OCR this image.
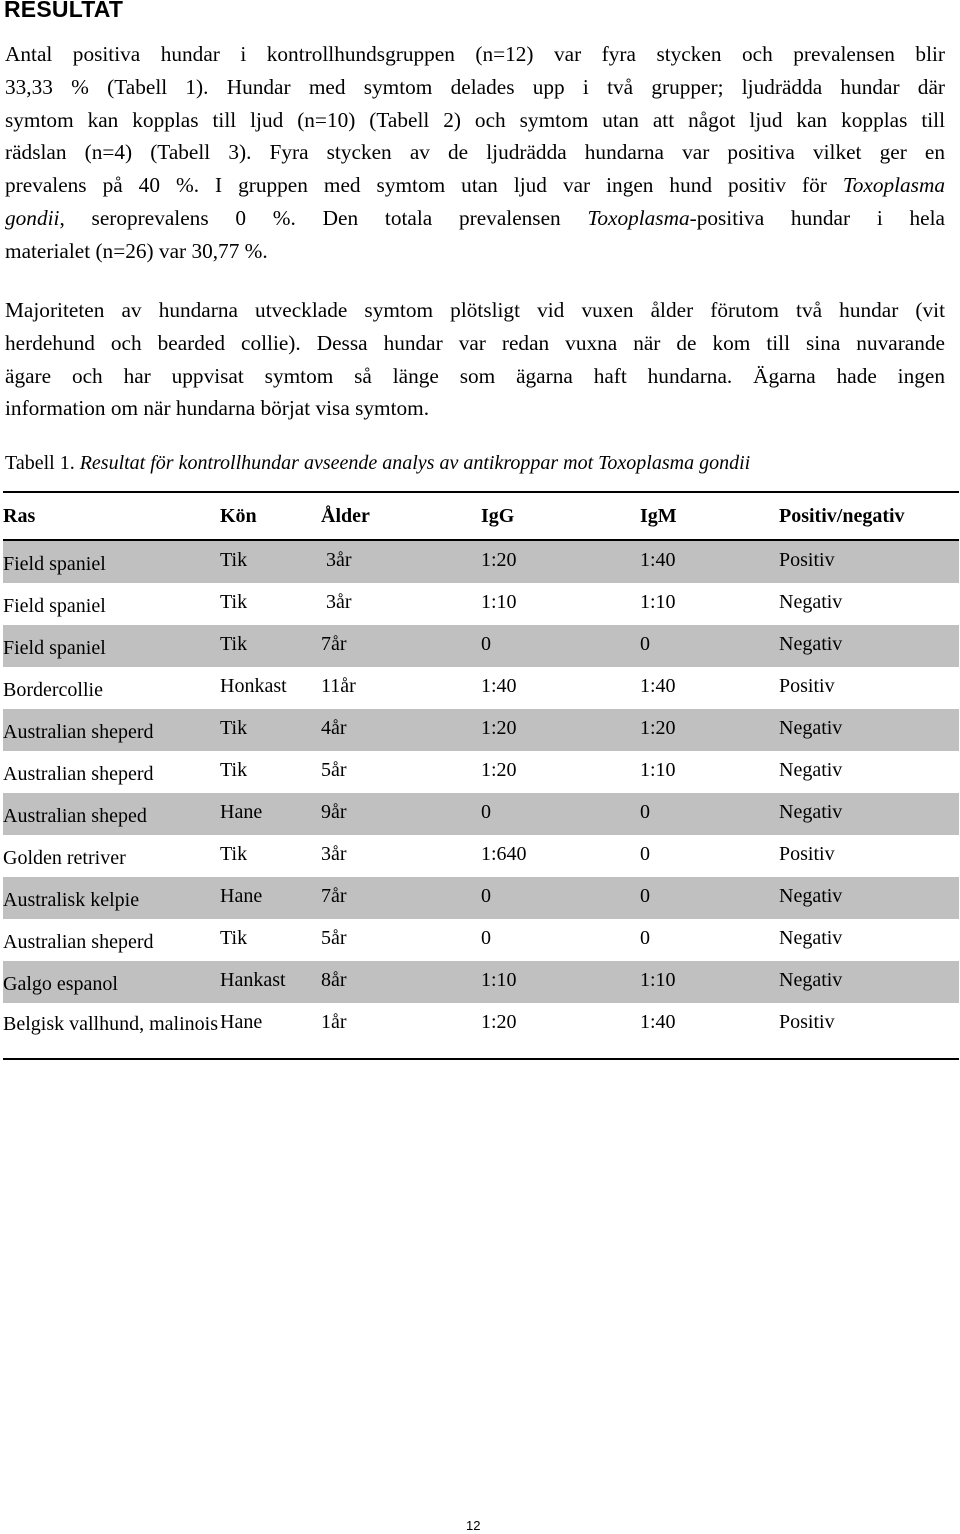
RESULTAT

Antal positiva hundar i kontrollhundsgruppen (n=12) var fyra stycken och prevalensen blir
33,33 % (Tabell 1). Hundar med symtom delades upp i två grupper; ljudrädda hundar där
symtom kan kopplas till ljud (n=10) (Tabell 2) och symtom utan att något ljud kan kopplas till
rädslan (n=4) (Tabell 3). Fyra stycken av de ljudrädda hundarna var positiva vilket ger en
prevalens på 40 %. I gruppen med symtom utan ljud var ingen hund positiv för Toxoplasma
gondii, seroprevalens 0 %. Den totala prevalensen Toxoplasma-positiva hundar i hela
materialet (n=26) var 30,77 %.

Majoriteten av hundarna utvecklade symtom plötsligt vid vuxen ålder förutom två hundar (vit
herdehund och bearded collie). Dessa hundar var redan vuxna när de kom till sina nuvarande
ägare och har uppvisat symtom så länge som ägarna haft hundarna. Ägarna hade ingen
information om när hundarna börjat visa symtom.

Tabell 1. Resultat för kontrollhundar avseende analys av antikroppar mot Toxoplasma gondii

Ras	Kön	Ålder	IgG	IgM	Positiv/negativ

Field spaniel	Tik	3år	1:20	1:40	Positiv

Field spaniel	Tik	3år	1:10	1:10	Negativ

Field spaniel	Tik	7år	0	0	Negativ

Bordercollie	Honkast	11år	1:40	1:40	Positiv

Australian sheperd	Tik	4år	1:20	1:20	Negativ

Australian sheperd	Tik	5år	1:20	1:10	Negativ

Australian sheped	Hane	9år	0	0	Negativ

Golden retriver	Tik	3år	1:640	0	Positiv

Australisk kelpie	Hane	7år	0	0	Negativ

Australian sheperd	Tik	5år	0	0	Negativ

Galgo espanol	Hankast	8år	1:10	1:10	Negativ

Belgisk vallhund, malinois	Hane	1år	1:20	1:40	Positiv
12
